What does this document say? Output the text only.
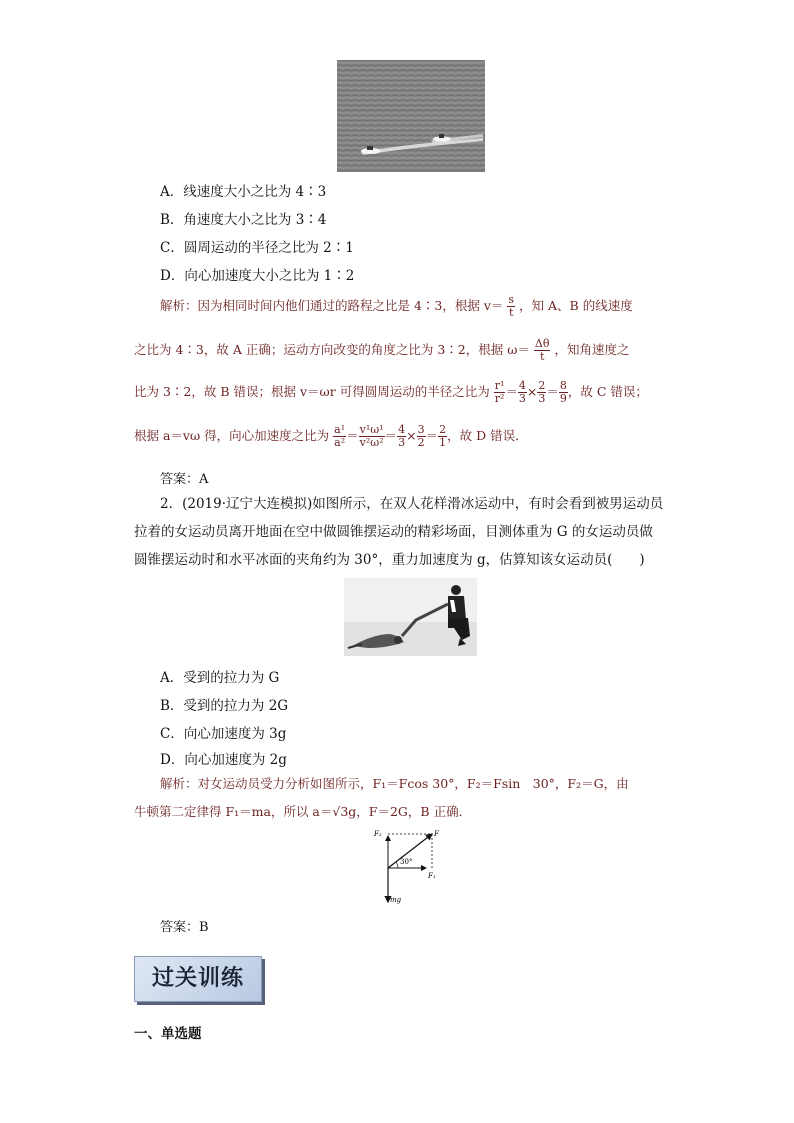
A．线速度大小之比为 4∶3
B．角速度大小之比为 3∶4
C．圆周运动的半径之比为 2∶1
D．向心加速度大小之比为 1∶2
解析：因为相同时间内他们通过的路程之比是 4∶3，根据 $v= \frac{s}{t}$ ，知 A、B 的线速度
之比为 4∶3，故 A 正确；运动方向改变的角度之比为 3∶2，根据 $\omega= \frac{\Delta\theta}{t}$ ，知角速度之
比为 3∶2，故 B 错误；根据 v＝ωr 可得圆周运动的半径之比为 $\frac{\text{r¹}}{\text{r²}} = \frac{4}{3} \times \frac{2}{3} = \frac{8}{9}$ ，故 C 错误；
根据 a＝vω 得，向心加速度之比为 $\frac{\text{a¹}}{\text{a²}} = \frac{\text{v¹ω¹}}{\text{v²ω²}} = \frac{4}{3} \times \frac{3}{2} = \frac{2}{1}$ ，故 D 错误．
答案：A
2．(2019·辽宁大连模拟)如图所示，在双人花样滑冰运动中，有时会看到被男运动员拉着的女运动员离开地面在空中做圆锥摆运动的精彩场面，目测体重为 G 的女运动员做圆锥摆运动时和水平冰面的夹角约为 30°，重力加速度为 g，估算知该女运动员(　　)
A．受到的拉力为 G
B．受到的拉力为 2G
C．向心加速度为 3g
D．向心加速度为 2g
解析：对女运动员受力分析如图所示，F₁＝Fcos 30°，F₂＝Fsin　30°，F₂＝G，由
牛顿第二定律得 F₁＝ma，所以 a＝√3g，F＝2G，B 正确．
F₂	F
30°
F₁
mg
答案：B
过关训练
一、单选题
